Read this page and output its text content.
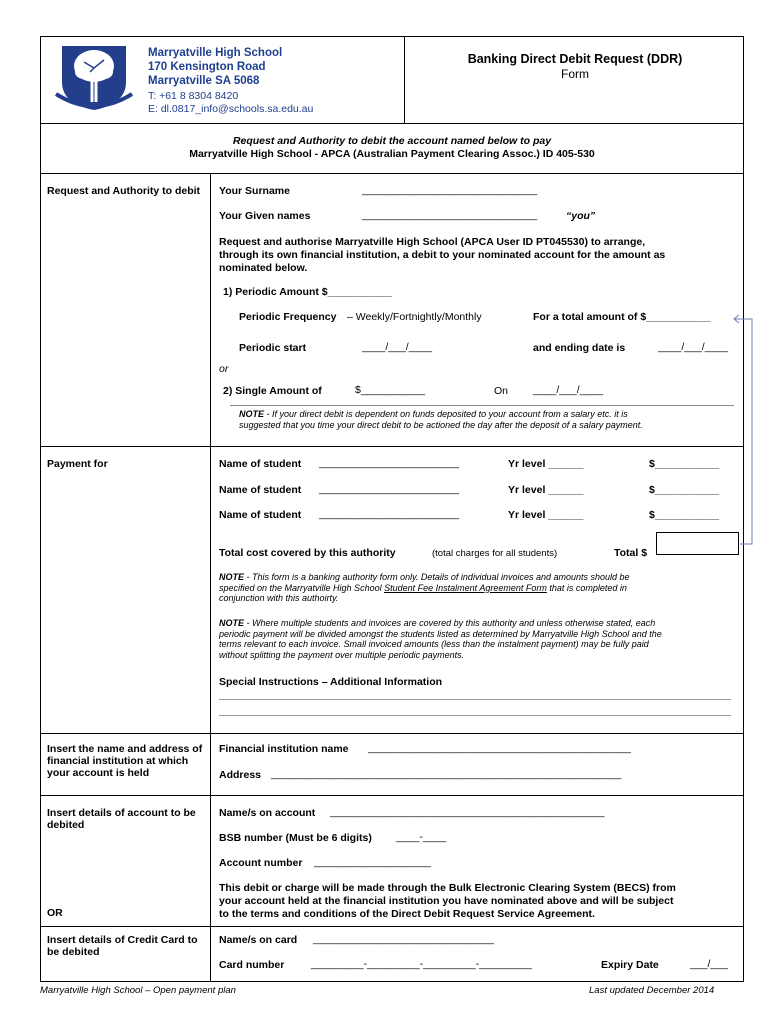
Marryatville High School
170 Kensington Road
Marryatville SA 5068
T: +61 8 8304 8420
E: dl.0817_info@schools.sa.edu.au
Banking Direct Debit Request (DDR)
Form
Request and Authority to debit the account named below to pay
Marryatville High School - APCA (Australian Payment Clearing Assoc.) ID 405-530
Request and Authority to debit Your Surname	______________________________
Your Given names	______________________________	“you”
Request and authorise Marryatville High School (APCA User ID PT045530) to arrange,
through its own financial institution, a debit to your nominated account for the amount as
nominated below.
1) Periodic Amount $___________
Periodic Frequency – Weekly/Fortnightly/Monthly	For a total amount of $___________
Periodic start	____/___/____	and ending date is	____/___/____
or
2) Single Amount of	$___________	On ____/___/____
NOTE - If your direct debit is dependent on funds deposited to your account from a salary etc. it is
suggested that you time your direct debit to be actioned the day after the deposit of a salary payment.
Payment for	Name of student ________________________	Yr level ______	$___________
Name of student ________________________	Yr level ______	$___________
Name of student ________________________	Yr level ______	$___________
Total cost covered by this authority	(total charges for all students)	Total $
NOTE - This form is a banking authority form only. Details of individual invoices and amounts should be
specified on the Marryatville High School Student Fee Instalment Agreement Form that is completed in
conjunction with this authoirty.
NOTE - Where multiple students and invoices are covered by this authority and unless otherwise stated, each
periodic payment will be divided amongst the students listed as determined by Marryatville High School and the
terms relevant to each invoice. Small invoiced amounts (less than the instalment payment) may be fully paid
without splitting the payment over multiple periodic payments.
Special Instructions – Additional Information
Insert the name and address of financial institution at which your account is held
Financial institution name _____________________________________________
Address ____________________________________________________________
Insert details of account to be debited
Name/s on account _______________________________________________
BSB number (Must be 6 digits) ____-____
Account number ____________________
This debit or charge will be made through the Bulk Electronic Clearing System (BECS) from
your account held at the financial institution you have nominated above and will be subject
to the terms and conditions of the Direct Debit Request Service Agreement.
OR
Insert details of Credit Card to be debited
Name/s on card _______________________________
Card number	_________-_________-_________-_________	Expiry Date	___/___
Marryatville High School – Open payment plan	Last updated December 2014
